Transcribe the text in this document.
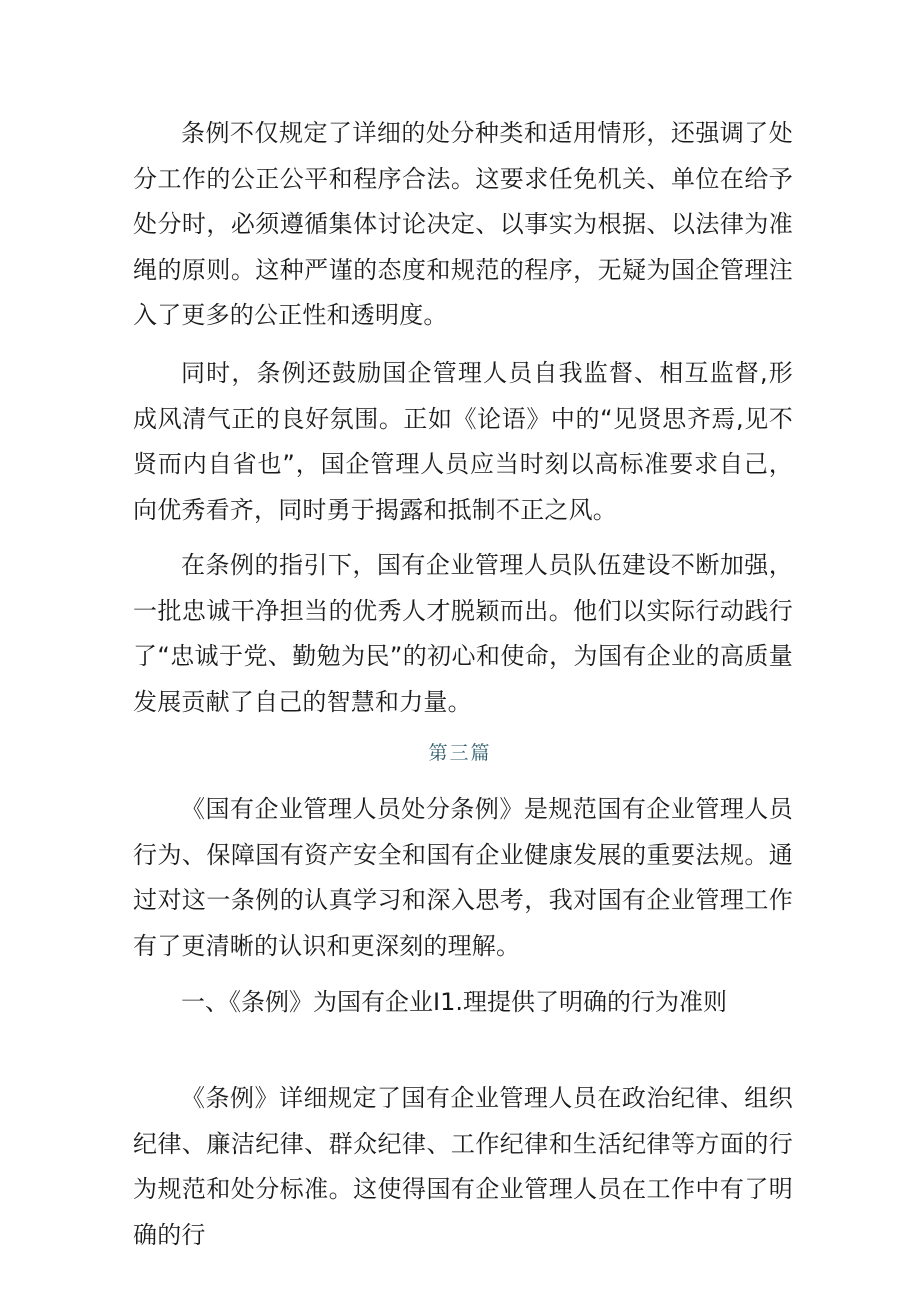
条例不仅规定了详细的处分种类和适用情形，还强调了处分工作的公正公平和程序合法。这要求任免机关、单位在给予处分时，必须遵循集体讨论决定、以事实为根据、以法律为准绳的原则。这种严谨的态度和规范的程序，无疑为国企管理注入了更多的公正性和透明度。

同时，条例还鼓励国企管理人员自我监督、相互监督,形成风清气正的良好氛围。正如《论语》中的“见贤思齐焉,见不贤而内自省也”，国企管理人员应当时刻以高标准要求自己，向优秀看齐，同时勇于揭露和抵制不正之风。

在条例的指引下，国有企业管理人员队伍建设不断加强，一批忠诚干净担当的优秀人才脱颖而出。他们以实际行动践行了“忠诚于党、勤勉为民”的初心和使命，为国有企业的高质量发展贡献了自己的智慧和力量。

第三篇

《国有企业管理人员处分条例》是规范国有企业管理人员行为、保障国有资产安全和国有企业健康发展的重要法规。通过对这一条例的认真学习和深入思考，我对国有企业管理工作有了更清晰的认识和更深刻的理解。

一、《条例》为国有企业I1.理提供了明确的行为准则

《条例》详细规定了国有企业管理人员在政治纪律、组织纪律、廉洁纪律、群众纪律、工作纪律和生活纪律等方面的行为规范和处分标准。这使得国有企业管理人员在工作中有了明确的行
